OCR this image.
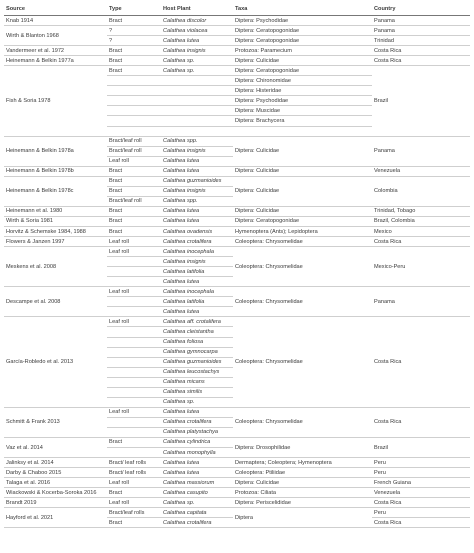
Source	Type	Host Plant	Taxa	Country
Knab 1914	Bract	Calathea discolor	Diptera: Psychodidae	Panama
Wirth & Blanton 1968	?	Calathea violacea	Diptera: Ceratopogonidae	Panama
	?	Calathea lutea	Diptera: Ceratopogonidae	Trinidad
Vandermeer et al. 1972	Bract	Calathea insignis	Protozoa: Paramecium	Costa Rica
Heinemann & Belkin 1977a	Bract	Calathea sp.	Diptera: Culicidae	Costa Rica
Fish & Soria 1978	Bract	Calathea sp.	Diptera: Ceratopogonidae	Brazil
			Diptera: Chironomidae	
			Diptera: Histeridae	
			Diptera: Psychodidae	
			Diptera: Muscidae	
			Diptera: Brachycera	

Heinemann & Belkin 1978a	Bract/leaf roll	Calathea spp.	Diptera: Culicidae	Panama
	Bract/leaf roll	Calathea insignis		
	Leaf roll	Calathea lutea		
Heinemann & Belkin 1978b	Bract	Calathea lutea	Diptera: Culicidae	Venezuela
Heinemann & Belkin 1978c	Bract	Calathea guzmanioides	Diptera: Culicidae	Colombia
	Bract	Calathea insignis		
	Bract/leaf roll	Calathea spp.		
Heinemann et al. 1980	Bract	Calathea lutea	Diptera: Culicidae	Trinidad, Tobago
Wirth & Soria 1981	Bract	Calathea lutea	Diptera: Ceratopogonidae	Brazil, Colombia
Horvitz & Schemske 1984, 1988	Bract	Calathea ovadensis	Hymenoptera (Ants); Lepidoptera	Mexico
Flowers & Janzen 1997	Leaf roll	Calathea crotalifera	Coleoptera: Chrysomelidae	Costa Rica
Meskens et al. 2008	Leaf roll	Calathea inocephala	Coleoptera: Chrysomelidae	Mexico-Peru
		Calathea insignis		
		Calathea latifolia		
		Calathea lutea		
Descampe et al. 2008	Leaf roll	Calathea inocephala	Coleoptera: Chrysomelidae	Panama
		Calathea latifolia		
		Calathea lutea		
García-Robledo et al. 2013	Leaf roll	Calathea aff. crotalifera	Coleoptera: Chrysomelidae	Costa Rica
		Calathea cleistantha		
		Calathea foliosa		
		Calathea gymnocarpa		
		Calathea guzmanioides		
		Calathea leucostachys		
		Calathea micans		
		Calathea similis		
		Calathea sp.		
Schmitt & Frank 2013	Leaf roll	Calathea lutea	Coleoptera: Chrysomelidae	Costa Rica
		Calathea crotalifera		
		Calathea platystachya		
Vaz et al. 2014	Bract	Calathea cylindrica	Diptera: Drosophilidae	Brazil
		Calathea monophylla		
Jalinksy et al. 2014	Bract/ leaf rolls	Calathea lutea	Dermaptera; Coleoptera; Hymenoptera	Peru
Darby & Chaboo 2015	Bract/ leaf rolls	Calathea lutea	Coleoptera: Ptiliidae	Peru
Talaga et al. 2016	Leaf roll	Calathea massiorum	Diptera: Culicidae	French Guiana
Wiackowski & Kocerba-Soroka 2016	Bract	Calathea casupito	Protozoa: Ciliata	Venezuela
Brandt 2019	Leaf roll	Calathea sp.	Diptera: Periscelididae	Costa Rica
Hayford et al. 2021	Bract/leaf rolls	Calathea capitata	Diptera	Peru
	Bract	Calathea crotalifera		Costa Rica
